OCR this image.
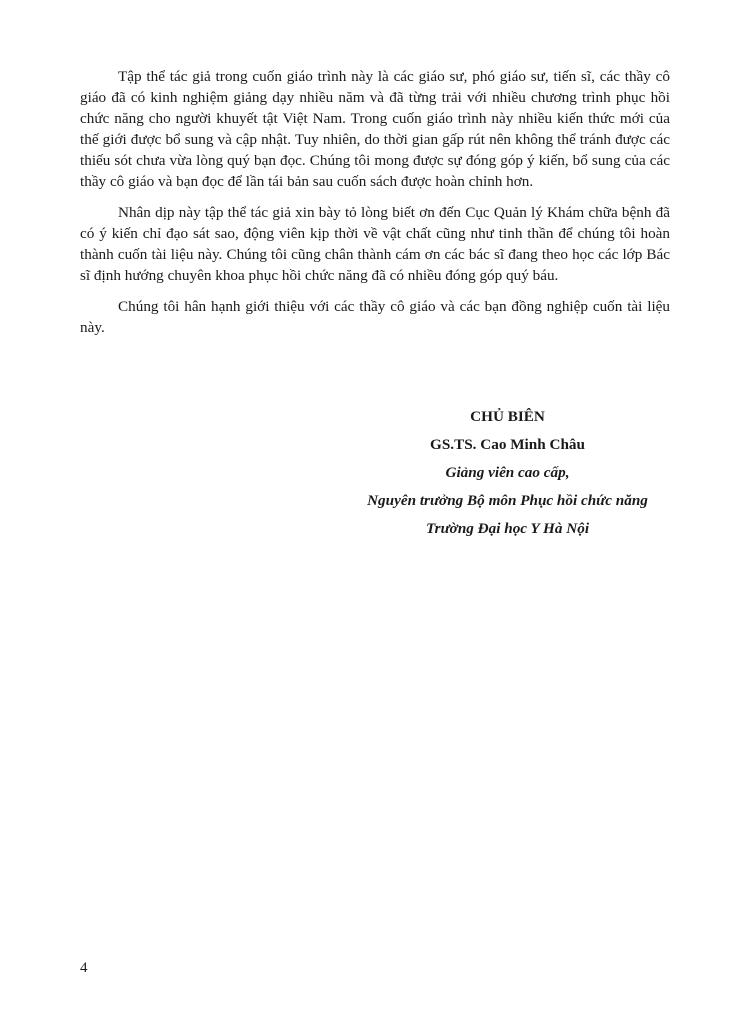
Tập thể tác giả trong cuốn giáo trình này là các giáo sư, phó giáo sư, tiến sĩ, các thầy cô giáo đã có kinh nghiệm giảng dạy nhiều năm và đã từng trải với nhiều chương trình phục hồi chức năng cho người khuyết tật Việt Nam. Trong cuốn giáo trình này nhiều kiến thức mới của thế giới được bổ sung và cập nhật. Tuy nhiên, do thời gian gấp rút nên không thể tránh được các thiếu sót chưa vừa lòng quý bạn đọc. Chúng tôi mong được sự đóng góp ý kiến, bổ sung của các thầy cô giáo và bạn đọc để lần tái bản sau cuốn sách được hoàn chỉnh hơn.

Nhân dịp này tập thể tác giả xin bày tỏ lòng biết ơn đến Cục Quản lý Khám chữa bệnh đã có ý kiến chỉ đạo sát sao, động viên kịp thời về vật chất cũng như tinh thần để chúng tôi hoàn thành cuốn tài liệu này. Chúng tôi cũng chân thành cám ơn các bác sĩ đang theo học các lớp Bác sĩ định hướng chuyên khoa phục hồi chức năng đã có nhiều đóng góp quý báu.

Chúng tôi hân hạnh giới thiệu với các thầy cô giáo và các bạn đồng nghiệp cuốn tài liệu này.

CHỦ BIÊN
GS.TS. Cao Minh Châu
Giảng viên cao cấp,
Nguyên trưởng Bộ môn Phục hồi chức năng
Trường Đại học Y Hà Nội
4
